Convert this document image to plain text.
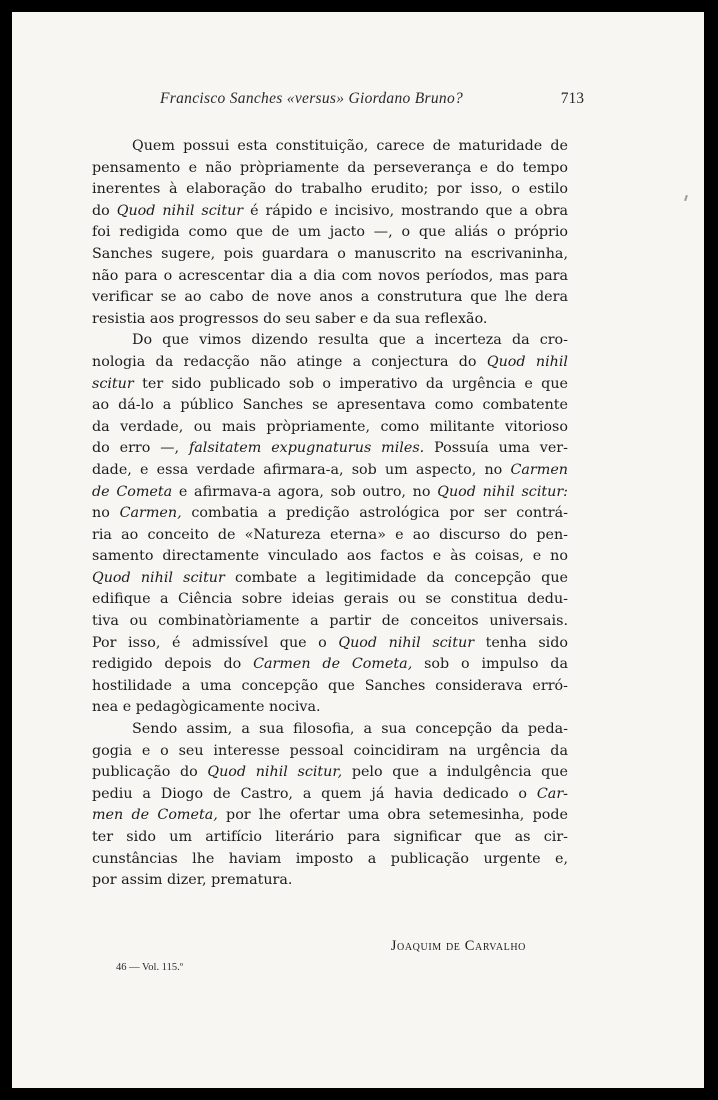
Francisco Sanches «versus» Giordano Bruno?	713
Quem possui esta constituição, carece de maturidade de
pensamento e não pròpriamente da perseverança e do tempo
inerentes à elaboração do trabalho erudito; por isso, o estilo
do Quod nihil scitur é rápido e incisivo, mostrando que a obra
foi redigida como que de um jacto —, o que aliás o próprio
Sanches sugere, pois guardara o manuscrito na escrivaninha,
não para o acrescentar dia a dia com novos períodos, mas para
verificar se ao cabo de nove anos a construtura que lhe dera
resistia aos progressos do seu saber e da sua reflexão.
Do que vimos dizendo resulta que a incerteza da cro-
nologia da redacção não atinge a conjectura do Quod nihil
scitur ter sido publicado sob o imperativo da urgência e que
ao dá-lo a público Sanches se apresentava como combatente
da verdade, ou mais pròpriamente, como militante vitorioso
do erro —, falsitatem expugnaturus miles. Possuía uma ver-
dade, e essa verdade afirmara-a, sob um aspecto, no Carmen
de Cometa e afirmava-a agora, sob outro, no Quod nihil scitur:
no Carmen, combatia a predição astrológica por ser contrá-
ria ao conceito de «Natureza eterna» e ao discurso do pen-
samento directamente vinculado aos factos e às coisas, e no
Quod nihil scitur combate a legitimidade da concepção que
edifique a Ciência sobre ideias gerais ou se constitua dedu-
tiva ou combinatòriamente a partir de conceitos universais.
Por isso, é admissível que o Quod nihil scitur tenha sido
redigido depois do Carmen de Cometa, sob o impulso da
hostilidade a uma concepção que Sanches considerava erró-
nea e pedagògicamente nociva.
Sendo assim, a sua filosofia, a sua concepção da peda-
gogia e o seu interesse pessoal coincidiram na urgência da
publicação do Quod nihil scitur, pelo que a indulgência que
pediu a Diogo de Castro, a quem já havia dedicado o Car-
men de Cometa, por lhe ofertar uma obra setemesinha, pode
ter sido um artifício literário para significar que as cir-
cunstâncias lhe haviam imposto a publicação urgente e,
por assim dizer, prematura.
Joaquim de Carvalho
46 — Vol. 115.º
